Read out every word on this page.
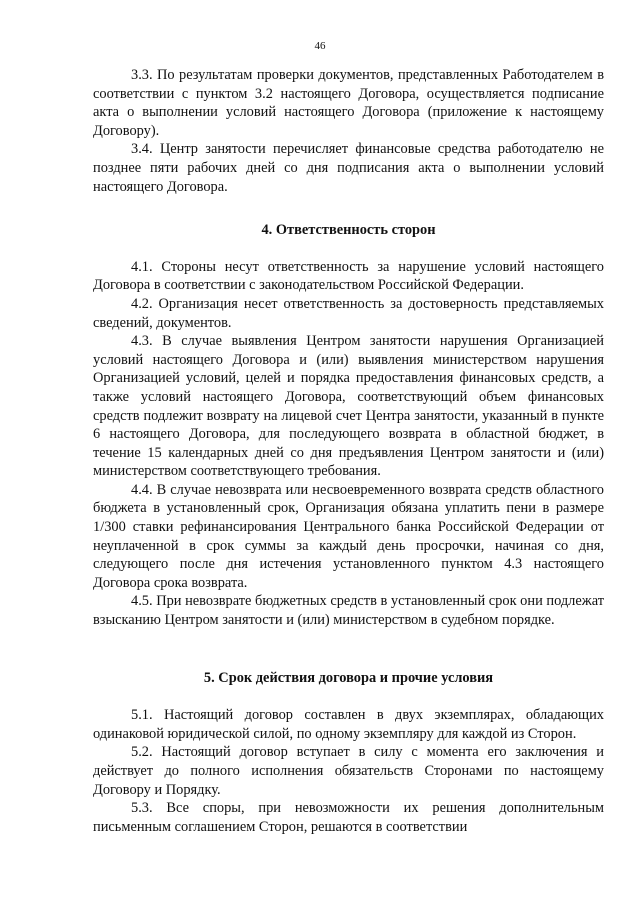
46

3.3. По результатам проверки документов, представленных Работодателем в соответствии с пунктом 3.2 настоящего Договора, осуществляется подписание акта о выполнении условий настоящего Договора (приложение к настоящему Договору).

3.4. Центр занятости перечисляет финансовые средства работодателю не позднее пяти рабочих дней со дня подписания акта о выполнении условий настоящего Договора.

4. Ответственность сторон

4.1. Стороны несут ответственность за нарушение условий настоящего Договора в соответствии с законодательством Российской Федерации.

4.2. Организация несет ответственность за достоверность представляемых сведений, документов.

4.3. В случае выявления Центром занятости нарушения Организацией условий настоящего Договора и (или) выявления министерством нарушения Организацией условий, целей и порядка предоставления финансовых средств, а также условий настоящего Договора, соответствующий объем финансовых средств подлежит возврату на лицевой счет Центра занятости, указанный в пункте 6 настоящего Договора, для последующего возврата в областной бюджет, в течение 15 календарных дней со дня предъявления Центром занятости и (или) министерством соответствующего требования.

4.4. В случае невозврата или несвоевременного возврата средств областного бюджета в установленный срок, Организация обязана уплатить пени в размере 1/300 ставки рефинансирования Центрального банка Российской Федерации от неуплаченной в срок суммы за каждый день просрочки, начиная со дня, следующего после дня истечения установленного пунктом 4.3 настоящего Договора срока возврата.

4.5. При невозврате бюджетных средств в установленный срок они подлежат взысканию Центром занятости и (или) министерством в судебном порядке.

5. Срок действия договора и прочие условия

5.1. Настоящий договор составлен в двух экземплярах, обладающих одинаковой юридической силой, по одному экземпляру для каждой из Сторон.

5.2. Настоящий договор вступает в силу с момента его заключения и действует до полного исполнения обязательств Сторонами по настоящему Договору и Порядку.

5.3. Все споры, при невозможности их решения дополнительным письменным соглашением Сторон, решаются в соответствии
